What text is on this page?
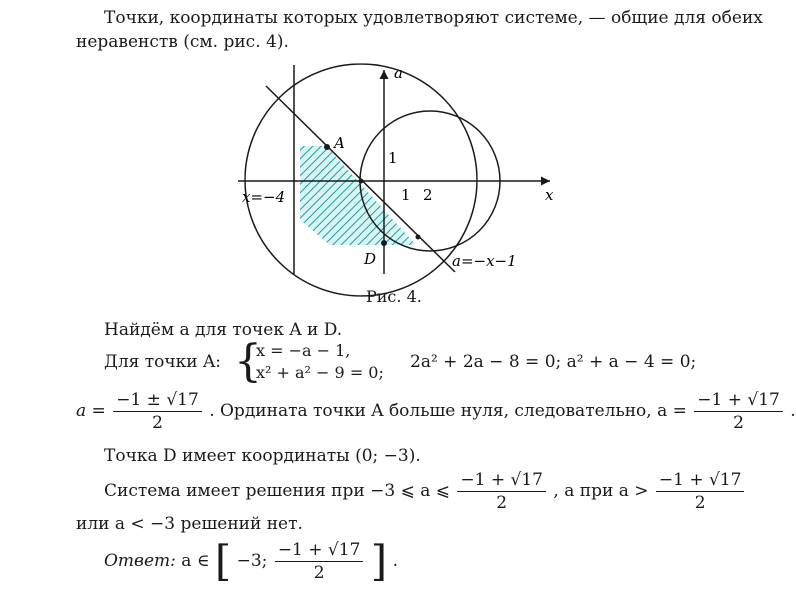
Точки, координаты которых удовлетворяют системе, — общие для обеих
неравенств (см. рис. 4).
x
a
1 2
1
x=−4
a=−x−1
A
D
Рис. 4.
Найдём a для точек A и D.
Для точки A: {
x = −a − 1,
x² + a² − 9 = 0;
2a² + 2a − 8 = 0; a² + a − 4 = 0;
$a = \frac{-1 \pm √17}{2}$ . Ордината точки A больше нуля, следовательно, $a = \frac{-1 + √17}{2}$ .
Точка D имеет координаты (0; −3).
Система имеет решения при −3 ⩽ a ⩽ $\frac{-1 + √17}{2}$ , а при $a > \frac{-1 + √17}{2}$
или a < −3 решений нет.
Ответ: a ∈ [ −3; $\frac{-1 + √17}{2}$ ] .
